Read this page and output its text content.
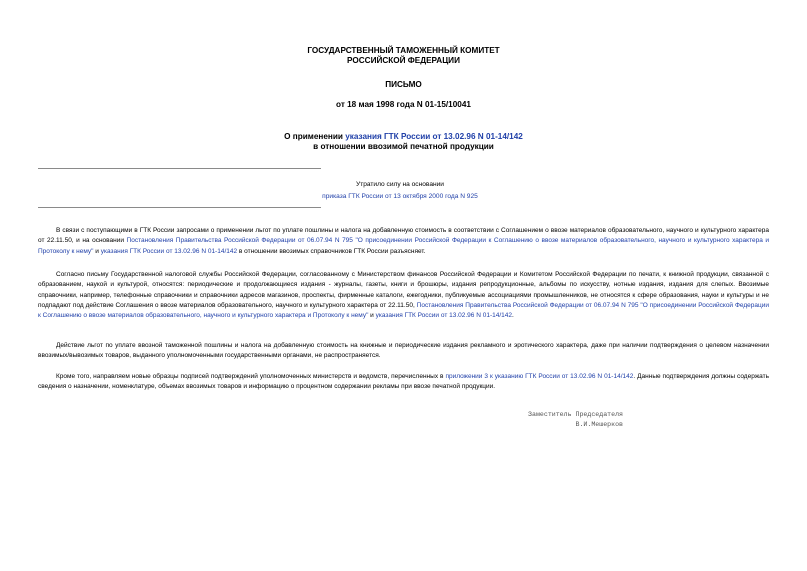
ГОСУДАРСТВЕННЫЙ ТАМОЖЕННЫЙ КОМИТЕТ
РОССИЙСКОЙ ФЕДЕРАЦИИ
ПИСЬМО
от 18 мая 1998 года N 01-15/10041
О применении указания ГТК России от 13.02.96 N 01-14/142
в отношении ввозимой печатной продукции
Утратило силу на основании
приказа ГТК России от 13 октября 2000 года N 925
В связи с поступающими в ГТК России запросами о применении льгот по уплате пошлины и налога на добавленную стоимость в соответствии с Соглашением о ввозе материалов образовательного, научного и культурного характера от 22.11.50, и на основании Постановления Правительства Российской Федерации от 06.07.94 N 795 "О присоединении Российской Федерации к Соглашению о ввозе материалов образовательного, научного и культурного характера и Протоколу к нему" и указания ГТК России от 13.02.96 N 01-14/142 в отношении ввозимых справочников ГТК России разъясняет.
Согласно письму Государственной налоговой службы Российской Федерации, согласованному с Министерством финансов Российской Федерации и Комитетом Российской Федерации по печати, к книжной продукции, связанной с образованием, наукой и культурой, относятся: периодические и продолжающиеся издания - журналы, газеты, книги и брошюры, издания репродукционные, альбомы по искусству, нотные издания, издания для слепых. Ввозимые справочники, например, телефонные справочники и справочники адресов магазинов, проспекты, фирменные каталоги, ежегодники, публикуемые ассоциациями промышленников, не относятся к сфере образования, науки и культуры и не подпадают под действие Соглашения о ввозе материалов образовательного, научного и культурного характера от 22.11.50, Постановления Правительства Российской Федерации от 06.07.94 N 795 "О присоединении Российской Федерации к Соглашению о ввозе материалов образовательного, научного и культурного характера и Протоколу к нему" и указания ГТК России от 13.02.96 N 01-14/142.
Действие льгот по уплате ввозной таможенной пошлины и налога на добавленную стоимость на книжные и периодические издания рекламного и эротического характера, даже при наличии подтверждения о целевом назначении ввозимых/вывозимых товаров, выданного уполномоченными государственными органами, не распространяется.
Кроме того, направляем новые образцы подписей подтверждений уполномоченных министерств и ведомств, перечисленных в приложении 3 к указанию ГТК России от 13.02.96 N 01-14/142. Данные подтверждения должны содержать сведения о назначении, номенклатуре, объемах ввозимых товаров и информацию о процентном содержании рекламы при ввозе печатной продукции.
Заместитель Председателя
В.И.Мешерков
